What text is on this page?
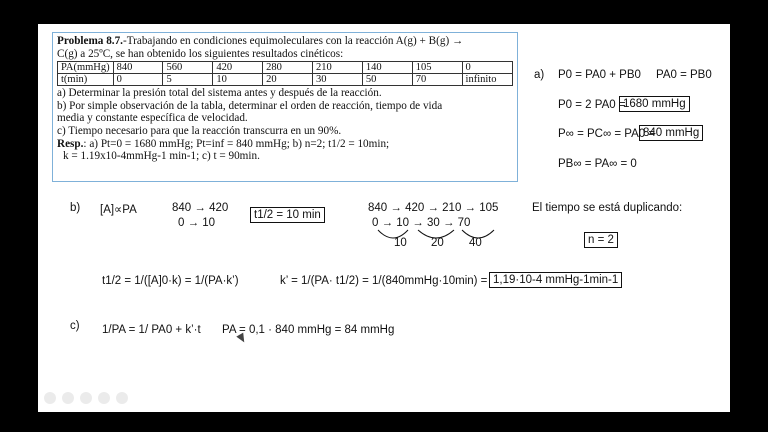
Problema 8.7.-Trabajando en condiciones equimoleculares con la reacción A(g) + B(g) →

C(g) a 25ºC, se han obtenido los siguientes resultados cinéticos:

PA(mmHg)	840	560	420	280	210	140	105	0
t(min)	0	5	10	20	30	50	70	infinito

a) Determinar la presión total del sistema antes y después de la reacción.

b) Por simple observación de la tabla, determinar el orden de reacción, tiempo de vida

media y constante específica de velocidad.

c) Tiempo necesario para que la reacción transcurra en un 90%.

Resp.: a) Pt=0 = 1680 mmHg; Pt=inf = 840 mmHg; b) n=2; t1/2 = 10min;

k = 1.19x10-4mmHg-1 min-1; c) t = 90min.

a) P0 = PA0 + PB0 PA0 = PB0
P0 = 2 PA0 =
1680 mmHg
P∞ = PC∞ = PA0 =
840 mmHg
PB∞ = PA∞ = 0
b) [A]∝PA	840 → 420
0 → 10
t1/2 = 10 min
840 → 420 → 210 → 105
0 → 10 → 30 → 70
10 20 40
El tiempo se está duplicando:
n = 2
t1/2 = 1/([A]0·k) = 1/(PA·k’)	k’ = 1/(PA· t1/2) = 1/(840mmHg·10min) = 1,19·10-4 mmHg-1min-1
c) 1/PA = 1/ PA0 + k’·t PA = 0,1 · 840 mmHg = 84 mmHg
